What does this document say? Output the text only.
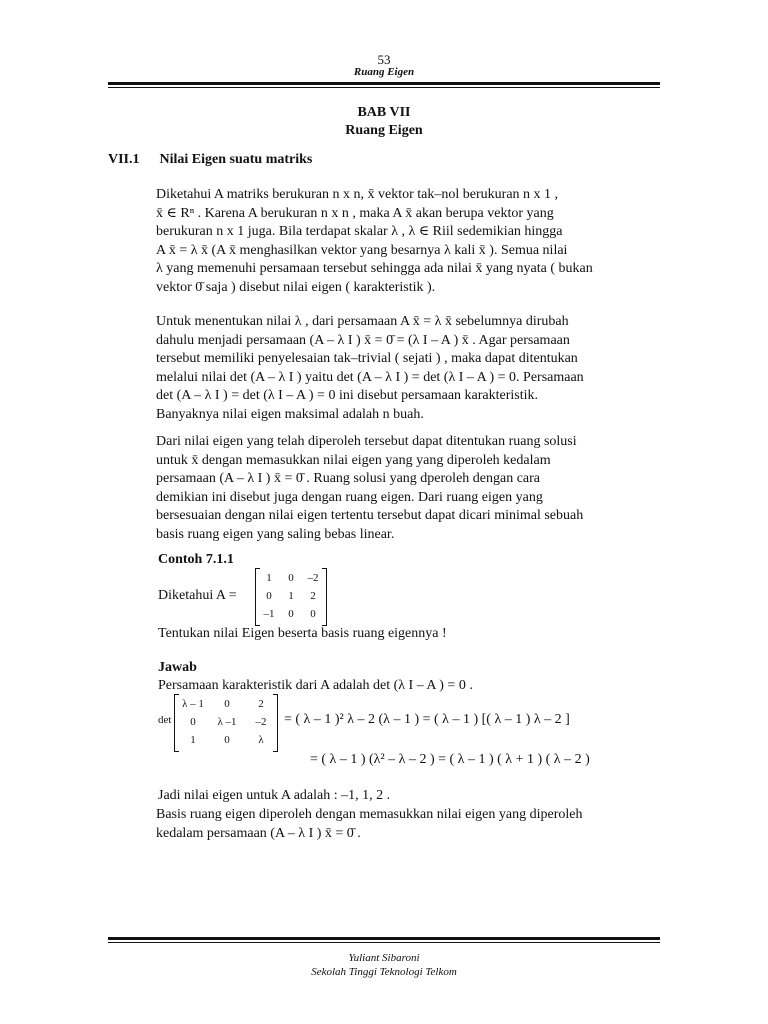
53
Ruang Eigen
BAB VII
Ruang Eigen
VII.1 Nilai Eigen suatu matriks
Diketahui A matriks berukuran n x n, x̄ vektor tak–nol berukuran n x 1 ,
x̄ ∈ Rⁿ . Karena A berukuran n x n , maka A x̄ akan berupa vektor yang
berukuran n x 1 juga. Bila terdapat skalar λ , λ ∈ Riil sedemikian hingga
A x̄ = λ x̄ (A x̄ menghasilkan vektor yang besarnya λ kali x̄ ). Semua nilai
λ yang memenuhi persamaan tersebut sehingga ada nilai x̄ yang nyata ( bukan
vektor 0̄ saja ) disebut nilai eigen ( karakteristik ).
Untuk menentukan nilai λ , dari persamaan A x̄ = λ x̄ sebelumnya dirubah
dahulu menjadi persamaan (A – λ I ) x̄ = 0̄ = (λ I – A ) x̄ . Agar persamaan
tersebut memiliki penyelesaian tak–trivial ( sejati ) , maka dapat ditentukan
melalui nilai det (A – λ I ) yaitu det (A – λ I ) = det (λ I – A ) = 0. Persamaan
det (A – λ I ) = det (λ I – A ) = 0 ini disebut persamaan karakteristik.
Banyaknya nilai eigen maksimal adalah n buah.
Dari nilai eigen yang telah diperoleh tersebut dapat ditentukan ruang solusi
untuk x̄ dengan memasukkan nilai eigen yang yang diperoleh kedalam
persamaan (A – λ I ) x̄ = 0̄ . Ruang solusi yang dperoleh dengan cara
demikian ini disebut juga dengan ruang eigen. Dari ruang eigen yang
bersesuaian dengan nilai eigen tertentu tersebut dapat dicari minimal sebuah
basis ruang eigen yang saling bebas linear.
Contoh 7.1.1
Diketahui A =
1	0	–2
0	1	2
–1	0	0
Tentukan nilai Eigen beserta basis ruang eigennya !
Jawab
Persamaan karakteristik dari A adalah det (λ I – A ) = 0 .
det
λ – 1	0	2
0	λ –1	–2
1	0	λ
= ( λ – 1 )² λ – 2 (λ – 1 ) = ( λ – 1 ) [( λ – 1 ) λ – 2 ]
= ( λ – 1 ) (λ² – λ – 2 ) = ( λ – 1 ) ( λ + 1 ) ( λ – 2 )
Jadi nilai eigen untuk A adalah : –1, 1, 2 .
Basis ruang eigen diperoleh dengan memasukkan nilai eigen yang diperoleh
kedalam persamaan (A – λ I ) x̄ = 0̄ .
Yuliant Sibaroni
Sekolah Tinggi Teknologi Telkom
